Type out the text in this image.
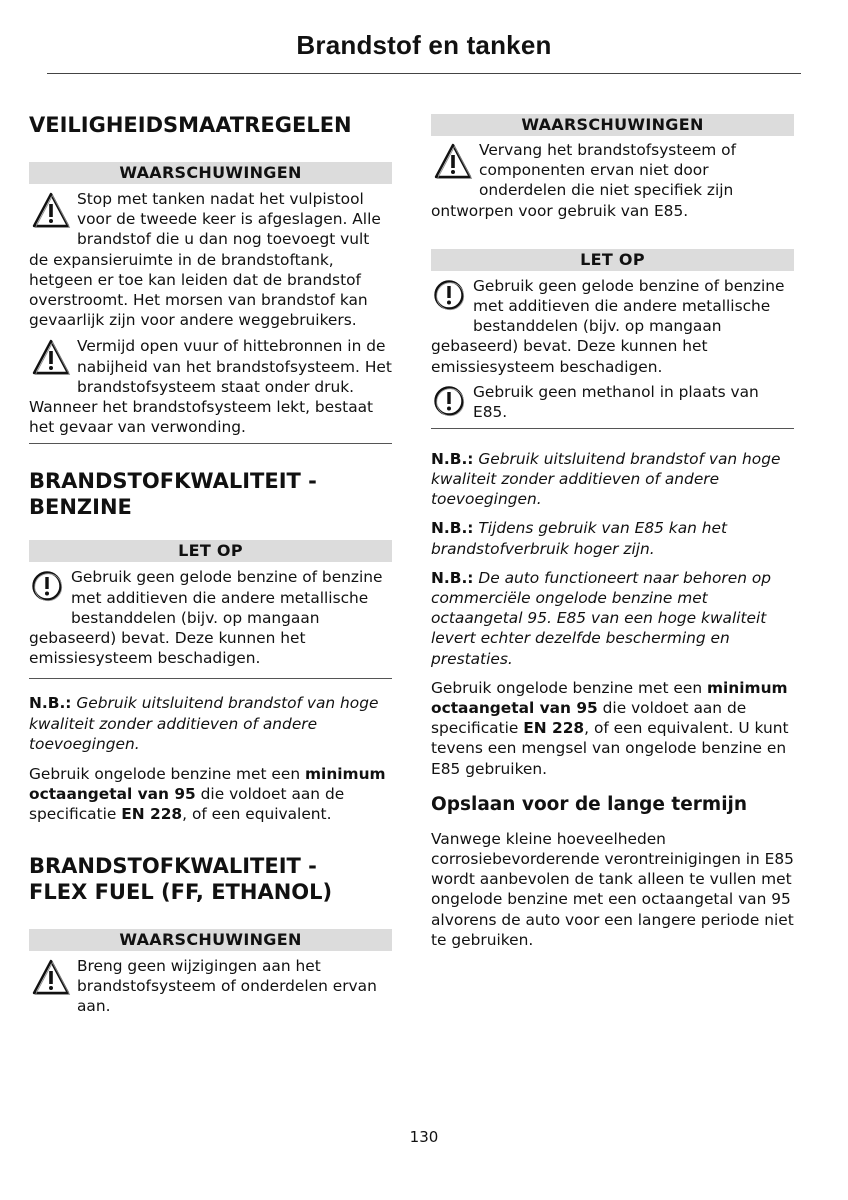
Brandstof en tanken
VEILIGHEIDSMAATREGELEN
WAARSCHUWINGEN

Stop met tanken nadat het vulpistool voor de tweede keer is afgeslagen. Alle brandstof die u dan nog toevoegt vult de expansieruimte in de brandstoftank, hetgeen er toe kan leiden dat de brandstof overstroomt. Het morsen van brandstof kan gevaarlijk zijn voor andere weggebruikers.

Vermijd open vuur of hittebronnen in de nabijheid van het brandstofsysteem. Het brandstofsysteem staat onder druk. Wanneer het brandstofsysteem lekt, bestaat het gevaar van verwonding.

BRANDSTOFKWALITEIT -
BENZINE
LET OP

Gebruik geen gelode benzine of benzine met additieven die andere metallische bestanddelen (bijv. op mangaan gebaseerd) bevat. Deze kunnen het emissiesysteem beschadigen.

N.B.: Gebruik uitsluitend brandstof van hoge kwaliteit zonder additieven of andere toevoegingen.

Gebruik ongelode benzine met een minimum octaangetal van 95 die voldoet aan de specificatie EN 228, of een equivalent.

BRANDSTOFKWALITEIT -
FLEX FUEL (FF, ETHANOL)
WAARSCHUWINGEN

Breng geen wijzigingen aan het brandstofsysteem of onderdelen ervan aan.

WAARSCHUWINGEN

Vervang het brandstofsysteem of componenten ervan niet door onderdelen die niet specifiek zijn ontworpen voor gebruik van E85.

LET OP

Gebruik geen gelode benzine of benzine met additieven die andere metallische bestanddelen (bijv. op mangaan gebaseerd) bevat. Deze kunnen het emissiesysteem beschadigen.

Gebruik geen methanol in plaats van E85.

N.B.: Gebruik uitsluitend brandstof van hoge kwaliteit zonder additieven of andere toevoegingen.

N.B.: Tijdens gebruik van E85 kan het brandstofverbruik hoger zijn.

N.B.: De auto functioneert naar behoren op commerciële ongelode benzine met octaangetal 95. E85 van een hoge kwaliteit levert echter dezelfde bescherming en prestaties.

Gebruik ongelode benzine met een minimum octaangetal van 95 die voldoet aan de specificatie EN 228, of een equivalent. U kunt tevens een mengsel van ongelode benzine en E85 gebruiken.

Opslaan voor de lange termijn

Vanwege kleine hoeveelheden corrosiebevorderende verontreinigingen in E85 wordt aanbevolen de tank alleen te vullen met ongelode benzine met een octaangetal van 95 alvorens de auto voor een langere periode niet te gebruiken.

130
